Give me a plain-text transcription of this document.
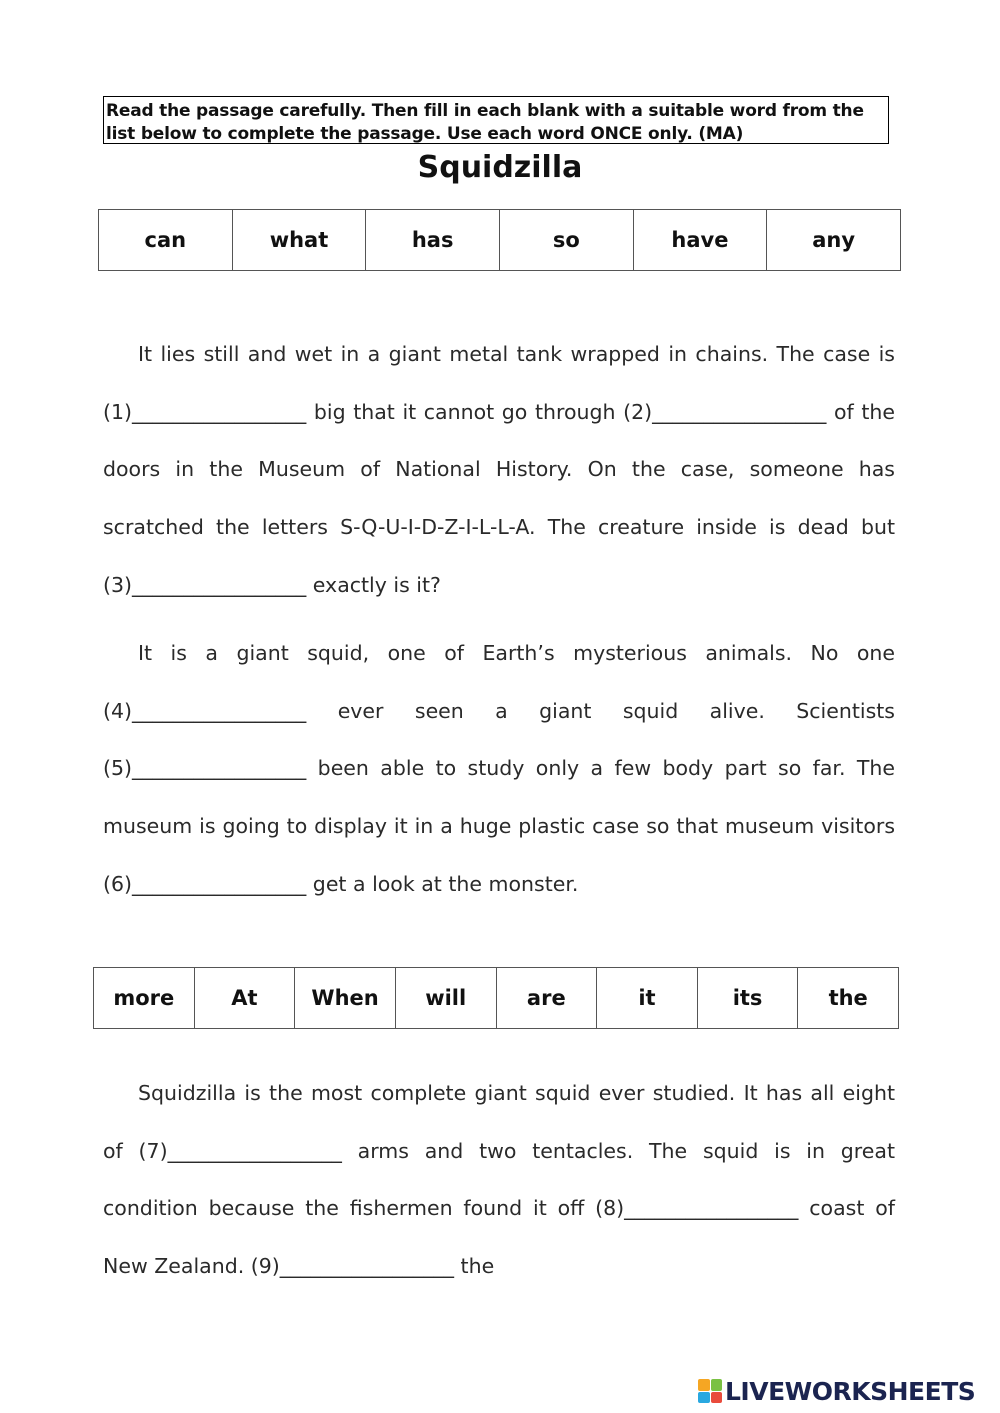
Read the passage carefully. Then fill in each blank with a suitable word from the list below to complete the passage. Use each word ONCE only. (MA)
Squidzilla
can	what	has	so	have	any

It lies still and wet in a giant metal tank wrapped in chains. The case is (1)_________________ big that it cannot go through (2)_________________ of the doors in the Museum of National History. On the case, someone has scratched the letters S-Q-U-I-D-Z-I-L-L-A. The creature inside is dead but (3)_________________ exactly is it?

It is a giant squid, one of Earth’s mysterious animals. No one (4)_________________ ever seen a giant squid alive. Scientists (5)_________________ been able to study only a few body part so far. The museum is going to display it in a huge plastic case so that museum visitors (6)_________________ get a look at the monster.

more	At	When	will	are	it	its	the

Squidzilla is the most complete giant squid ever studied. It has all eight of (7)_________________ arms and two tentacles. The squid is in great condition because the fishermen found it off (8)_________________ coast of New Zealand. (9)_________________ the

LIVEWORKSHEETS
